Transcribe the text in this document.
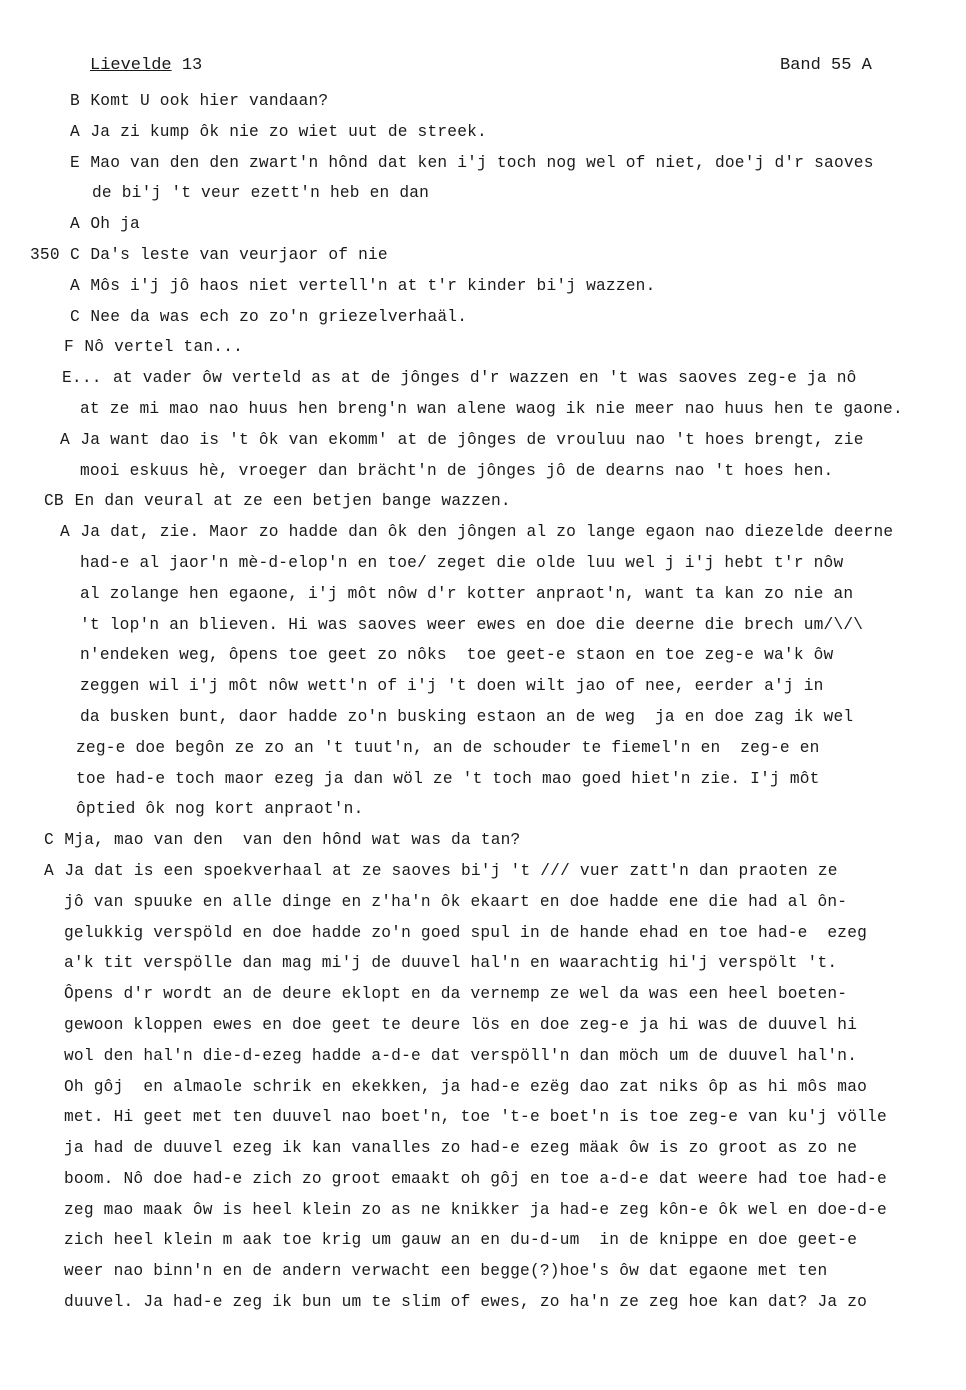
Lievelde 13	Band 55 A
B Komt U ook hier vandaan?
A Ja zi kump ôk nie zo wiet uut de streek.
E Mao van den den zwart'n hônd dat ken i'j toch nog wel of niet, doe'j d'r saoves
de bi'j 't veur ezett'n heb en dan
A Oh ja
350 C Da's leste van veurjaor of nie
A Môs i'j jô haos niet vertell'n at t'r kinder bi'j wazzen.
C Nee da was ech zo zo'n griezelverhaäl.
F Nô vertel tan...
E... at vader ôw verteld as at de jônges d'r wazzen en 't was saoves zeg-e ja nô
at ze mi mao nao huus hen breng'n wan alene waog ik nie meer nao huus hen te gaone.
A Ja want dao is 't ôk van ekomm' at de jônges de vrouluu nao 't hoes brengt, zie
mooi eskuus hè, vroeger dan brächt'n de jônges jô de dearns nao 't hoes hen.
CB En dan veural at ze een betjen bange wazzen.
A Ja dat, zie. Maor zo hadde dan ôk den jôngen al zo lange egaon nao diezelde deerne
had-e al jaor'n mè-d-elop'n en toe/ zeget die olde luu wel j i'j hebt t'r nôw
al zolange hen egaone, i'j môt nôw d'r kotter anpraot'n, want ta kan zo nie an
't lop'n an blieven. Hi was saoves weer ewes en doe die deerne die brech um/\/\
n'endeken weg, ôpens toe geet zo nôks  toe geet-e staon en toe zeg-e wa'k ôw
zeggen wil i'j môt nôw wett'n of i'j 't doen wilt jao of nee, eerder a'j in
da busken bunt, daor hadde zo'n busking estaon an de weg  ja en doe zag ik wel
zeg-e doe begôn ze zo an 't tuut'n, an de schouder te fiemel'n en  zeg-e en
toe had-e toch maor ezeg ja dan wöl ze 't toch mao goed hiet'n zie. I'j môt
ôptied ôk nog kort anpraot'n.
C Mja, mao van den  van den hônd wat was da tan?
A Ja dat is een spoekverhaal at ze saoves bi'j 't /// vuer zatt'n dan praoten ze
jô van spuuke en alle dinge en z'ha'n ôk ekaart en doe hadde ene die had al ôn-
gelukkig verspöld en doe hadde zo'n goed spul in de hande ehad en toe had-e  ezeg
a'k tit verspölle dan mag mi'j de duuvel hal'n en waarachtig hi'j verspölt 't.
Ôpens d'r wordt an de deure eklopt en da vernemp ze wel da was een heel boeten-
gewoon kloppen ewes en doe geet te deure lös en doe zeg-e ja hi was de duuvel hi
wol den hal'n die-d-ezeg hadde a-d-e dat verspöll'n dan möch um de duuvel hal'n.
Oh gôj  en almaole schrik en ekekken, ja had-e ezëg dao zat niks ôp as hi môs mao
met. Hi geet met ten duuvel nao boet'n, toe 't-e boet'n is toe zeg-e van ku'j völle
ja had de duuvel ezeg ik kan vanalles zo had-e ezeg mäak ôw is zo groot as zo ne
boom. Nô doe had-e zich zo groot emaakt oh gôj en toe a-d-e dat weere had toe had-e
zeg mao maak ôw is heel klein zo as ne knikker ja had-e zeg kôn-e ôk wel en doe-d-e
zich heel klein m aak toe krig um gauw an en du-d-um  in de knippe en doe geet-e
weer nao binn'n en de andern verwacht een begge(?)hoe's ôw dat egaone met ten
duuvel. Ja had-e zeg ik bun um te slim of ewes, zo ha'n ze zeg hoe kan dat? Ja zo
